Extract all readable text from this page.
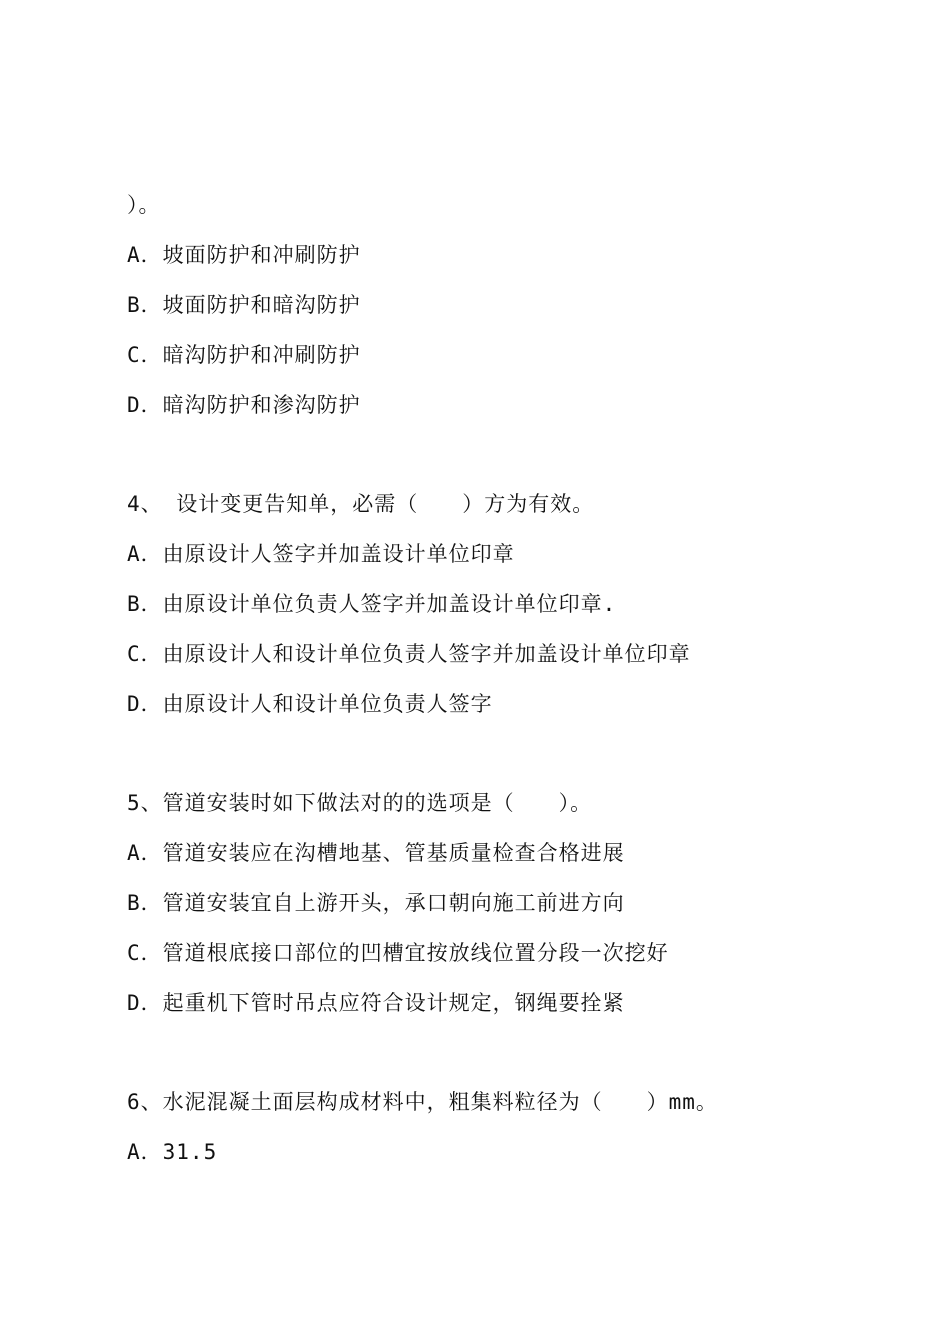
）。
A．坡面防护和冲刷防护
B．坡面防护和暗沟防护
C．暗沟防护和冲刷防护
D．暗沟防护和渗沟防护
4、 设计变更告知单，必需（　　）方为有效。
A．由原设计人签字并加盖设计单位印章
B．由原设计单位负责人签字并加盖设计单位印章.
C．由原设计人和设计单位负责人签字并加盖设计单位印章
D．由原设计人和设计单位负责人签字
5、管道安装时如下做法对的的选项是（　　）。
A．管道安装应在沟槽地基、管基质量检查合格进展
B．管道安装宜自上游开头，承口朝向施工前进方向
C．管道根底接口部位的凹槽宜按放线位置分段一次挖好
D．起重机下管时吊点应符合设计规定，钢绳要拴紧
6、水泥混凝土面层构成材料中，粗集料粒径为（　　）mm。
A．31.5
